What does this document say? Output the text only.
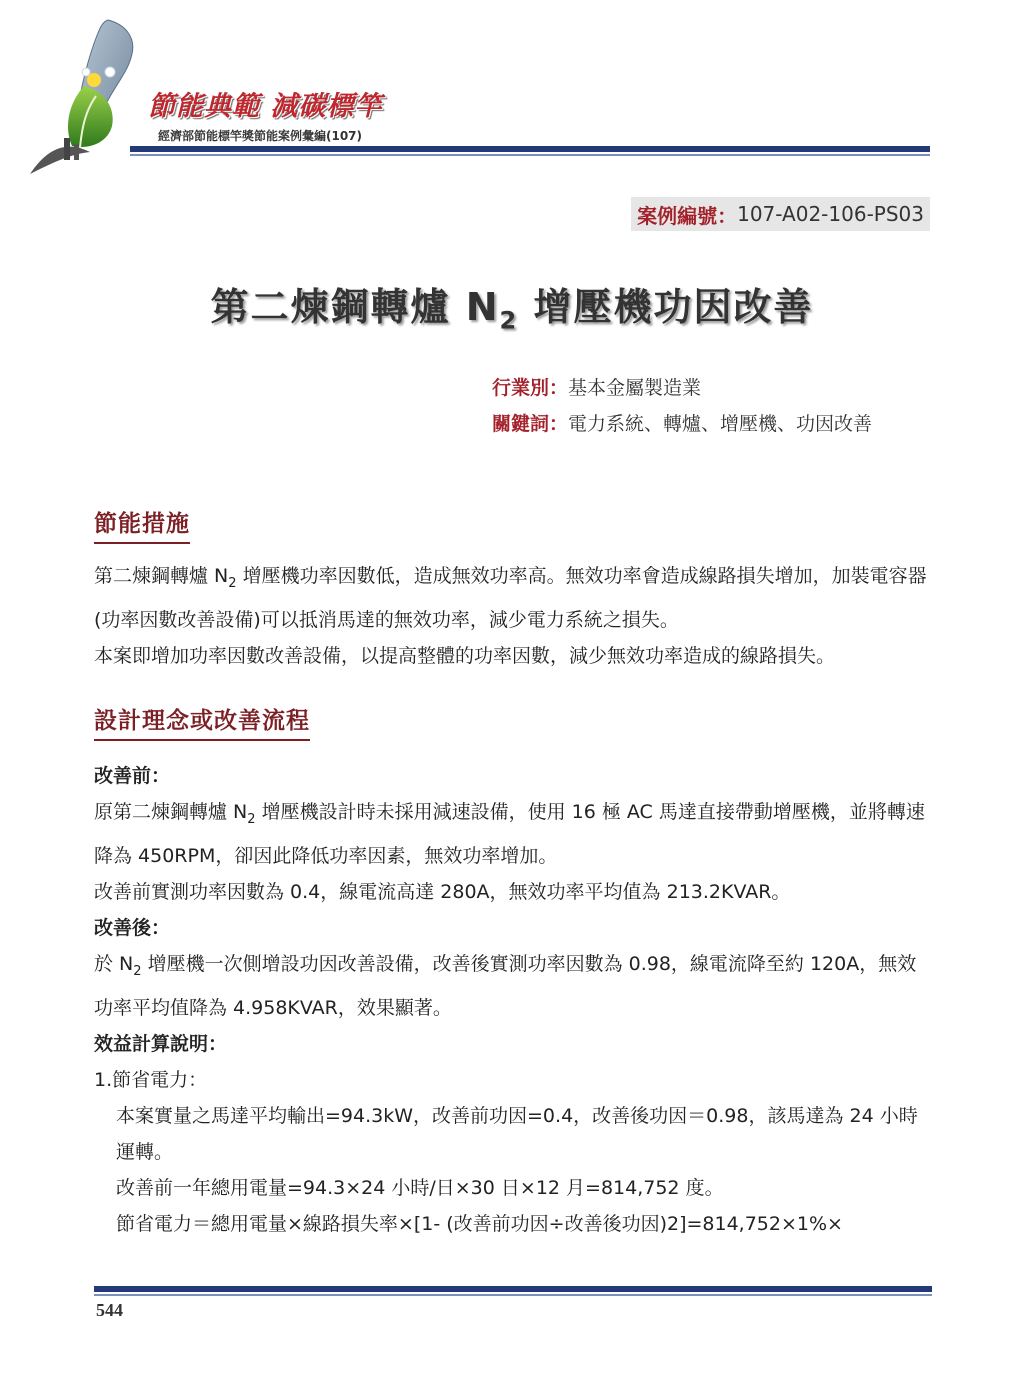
節能典範 減碳標竿
經濟部節能標竿獎節能案例彙編(107)
案例編號： 107-A02-106-PS03
第二煉鋼轉爐 $N_2$ 增壓機功因改善
行業別： 基本金屬製造業
關鍵詞： 電力系統、轉爐、增壓機、功因改善
節能措施

第二煉鋼轉爐 $N_2$ 增壓機功率因數低，造成無效功率高。無效功率會造成線路損失增加，加裝電容器(功率因數改善設備)可以抵消馬達的無效功率，減少電力系統之損失。

本案即增加功率因數改善設備，以提高整體的功率因數，減少無效功率造成的線路損失。

設計理念或改善流程

改善前：

原第二煉鋼轉爐 $N_2$ 增壓機設計時未採用減速設備，使用 16 極 AC 馬達直接帶動增壓機，並將轉速降為 450RPM，卻因此降低功率因素，無效功率增加。

改善前實測功率因數為 0.4，線電流高達 280A，無效功率平均值為 213.2KVAR。

改善後：

於 $N_2$ 增壓機一次側增設功因改善設備，改善後實測功率因數為 0.98，線電流降至約 120A，無效功率平均值降為 4.958KVAR，效果顯著。

效益計算說明：

1.節省電力：

本案實量之馬達平均輸出=94.3kW，改善前功因=0.4，改善後功因＝0.98，該馬達為 24 小時運轉。

改善前一年總用電量=94.3×24 小時/日×30 日×12 月=814,752 度。

節省電力＝總用電量×線路損失率×[1- (改善前功因÷改善後功因)2]=814,752×1%×

544
